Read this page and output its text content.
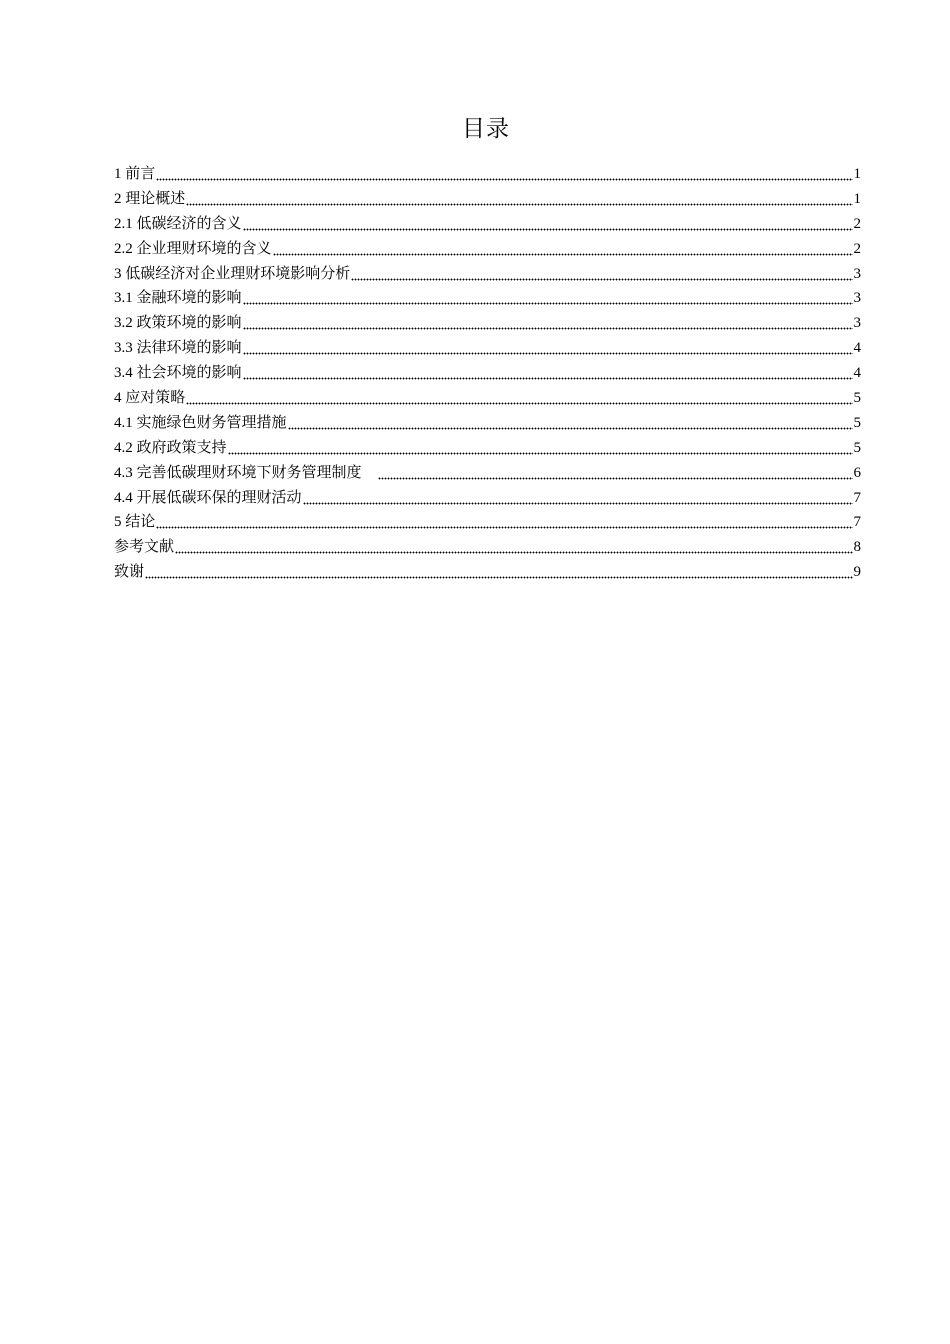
目录
1 前言	1
2 理论概述	1
2.1 低碳经济的含义	2
2.2 企业理财环境的含义	2
3 低碳经济对企业理财环境影响分析	3
3.1 金融环境的影响	3
3.2 政策环境的影响	3
3.3 法律环境的影响	4
3.4 社会环境的影响	4
4 应对策略	5
4.1 实施绿色财务管理措施	5
4.2 政府政策支持	5
4.3 完善低碳理财环境下财务管理制度　	6
4.4 开展低碳环保的理财活动	7
5 结论	7
参考文献	8
致谢	9
